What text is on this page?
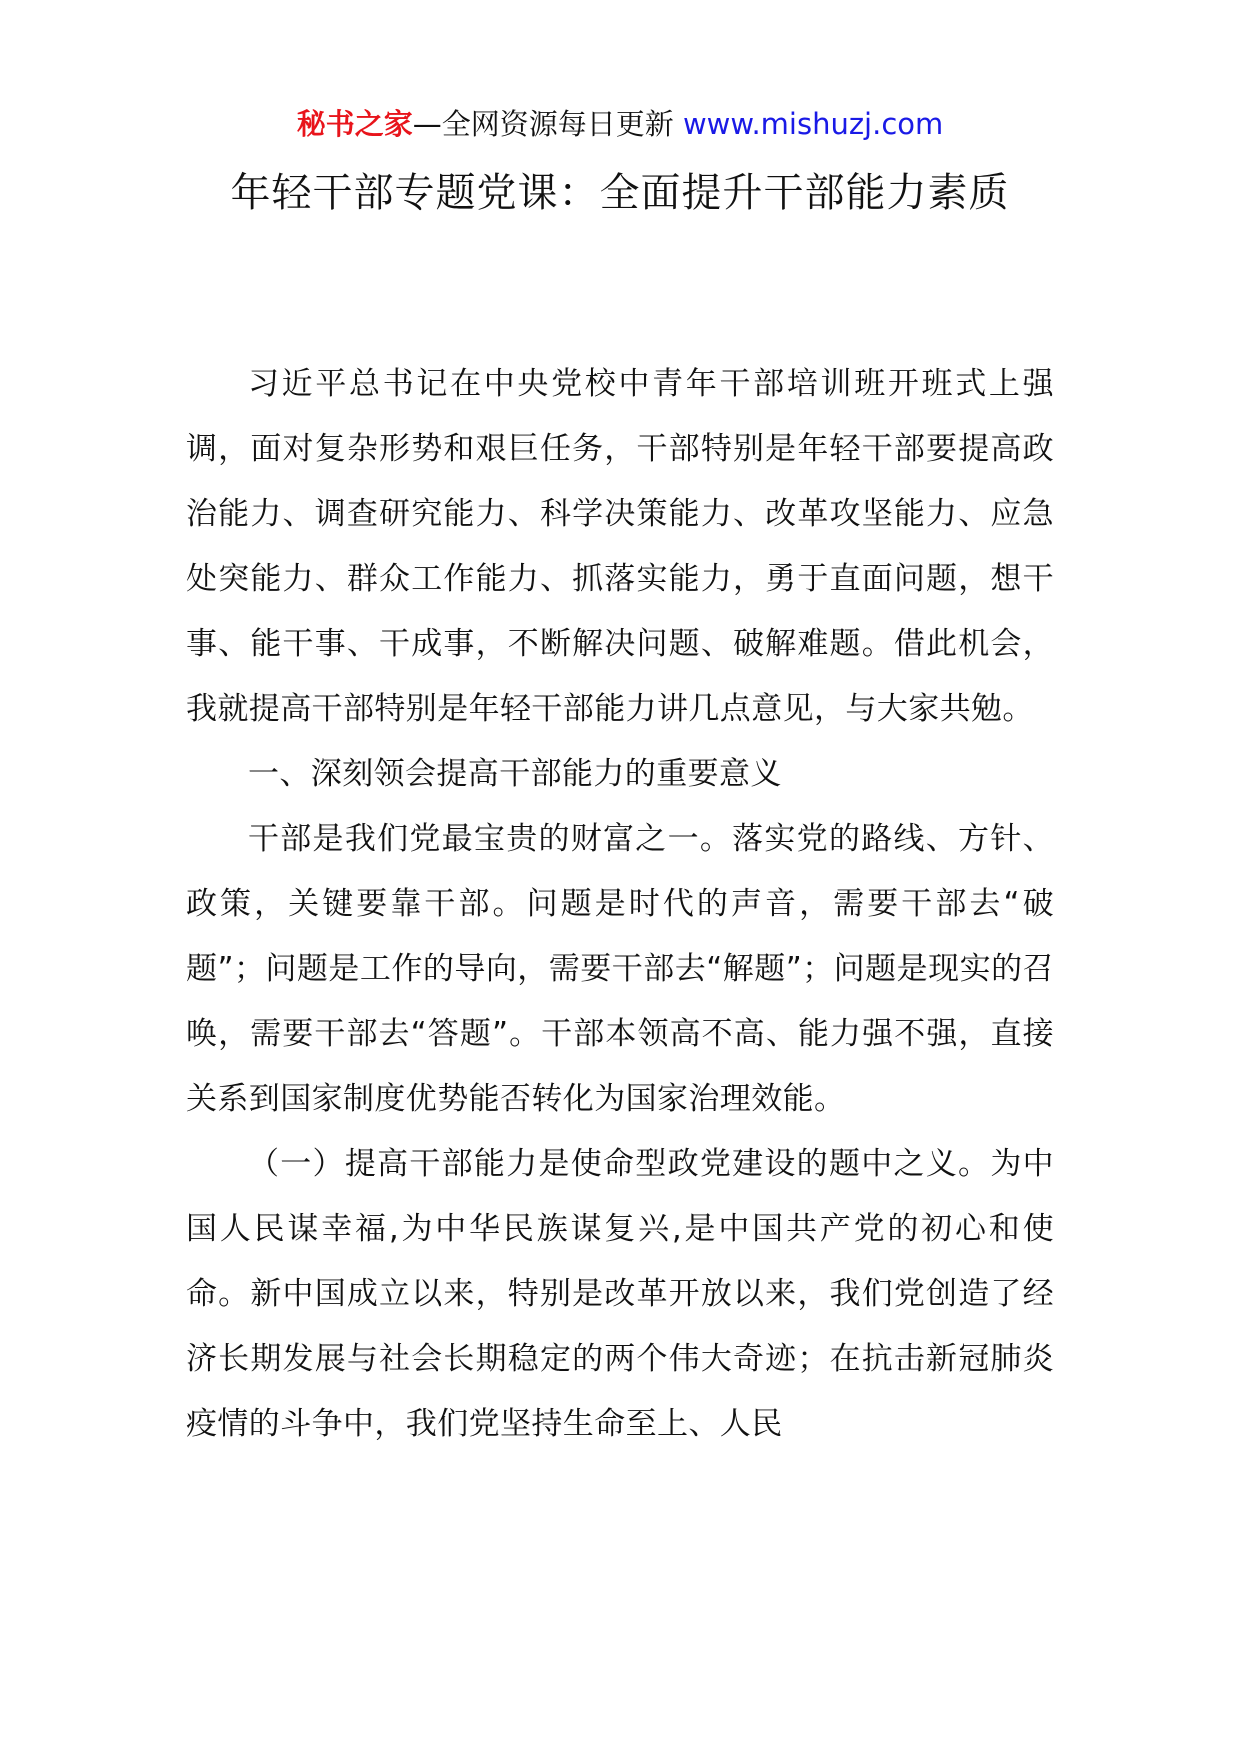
秘书之家—全网资源每日更新 www.mishuzj.com
年轻干部专题党课：全面提升干部能力素质

习近平总书记在中央党校中青年干部培训班开班式上强调，面对复杂形势和艰巨任务，干部特别是年轻干部要提高政治能力、调查研究能力、科学决策能力、改革攻坚能力、应急处突能力、群众工作能力、抓落实能力，勇于直面问题，想干事、能干事、干成事，不断解决问题、破解难题。借此机会，我就提高干部特别是年轻干部能力讲几点意见，与大家共勉。

一、深刻领会提高干部能力的重要意义

干部是我们党最宝贵的财富之一。落实党的路线、方针、政策，关键要靠干部。问题是时代的声音，需要干部去“破题”；问题是工作的导向，需要干部去“解题”；问题是现实的召唤，需要干部去“答题”。干部本领高不高、能力强不强，直接关系到国家制度优势能否转化为国家治理效能。

（一）提高干部能力是使命型政党建设的题中之义。为中国人民谋幸福,为中华民族谋复兴,是中国共产党的初心和使命。新中国成立以来，特别是改革开放以来，我们党创造了经济长期发展与社会长期稳定的两个伟大奇迹；在抗击新冠肺炎疫情的斗争中，我们党坚持生命至上、人民
